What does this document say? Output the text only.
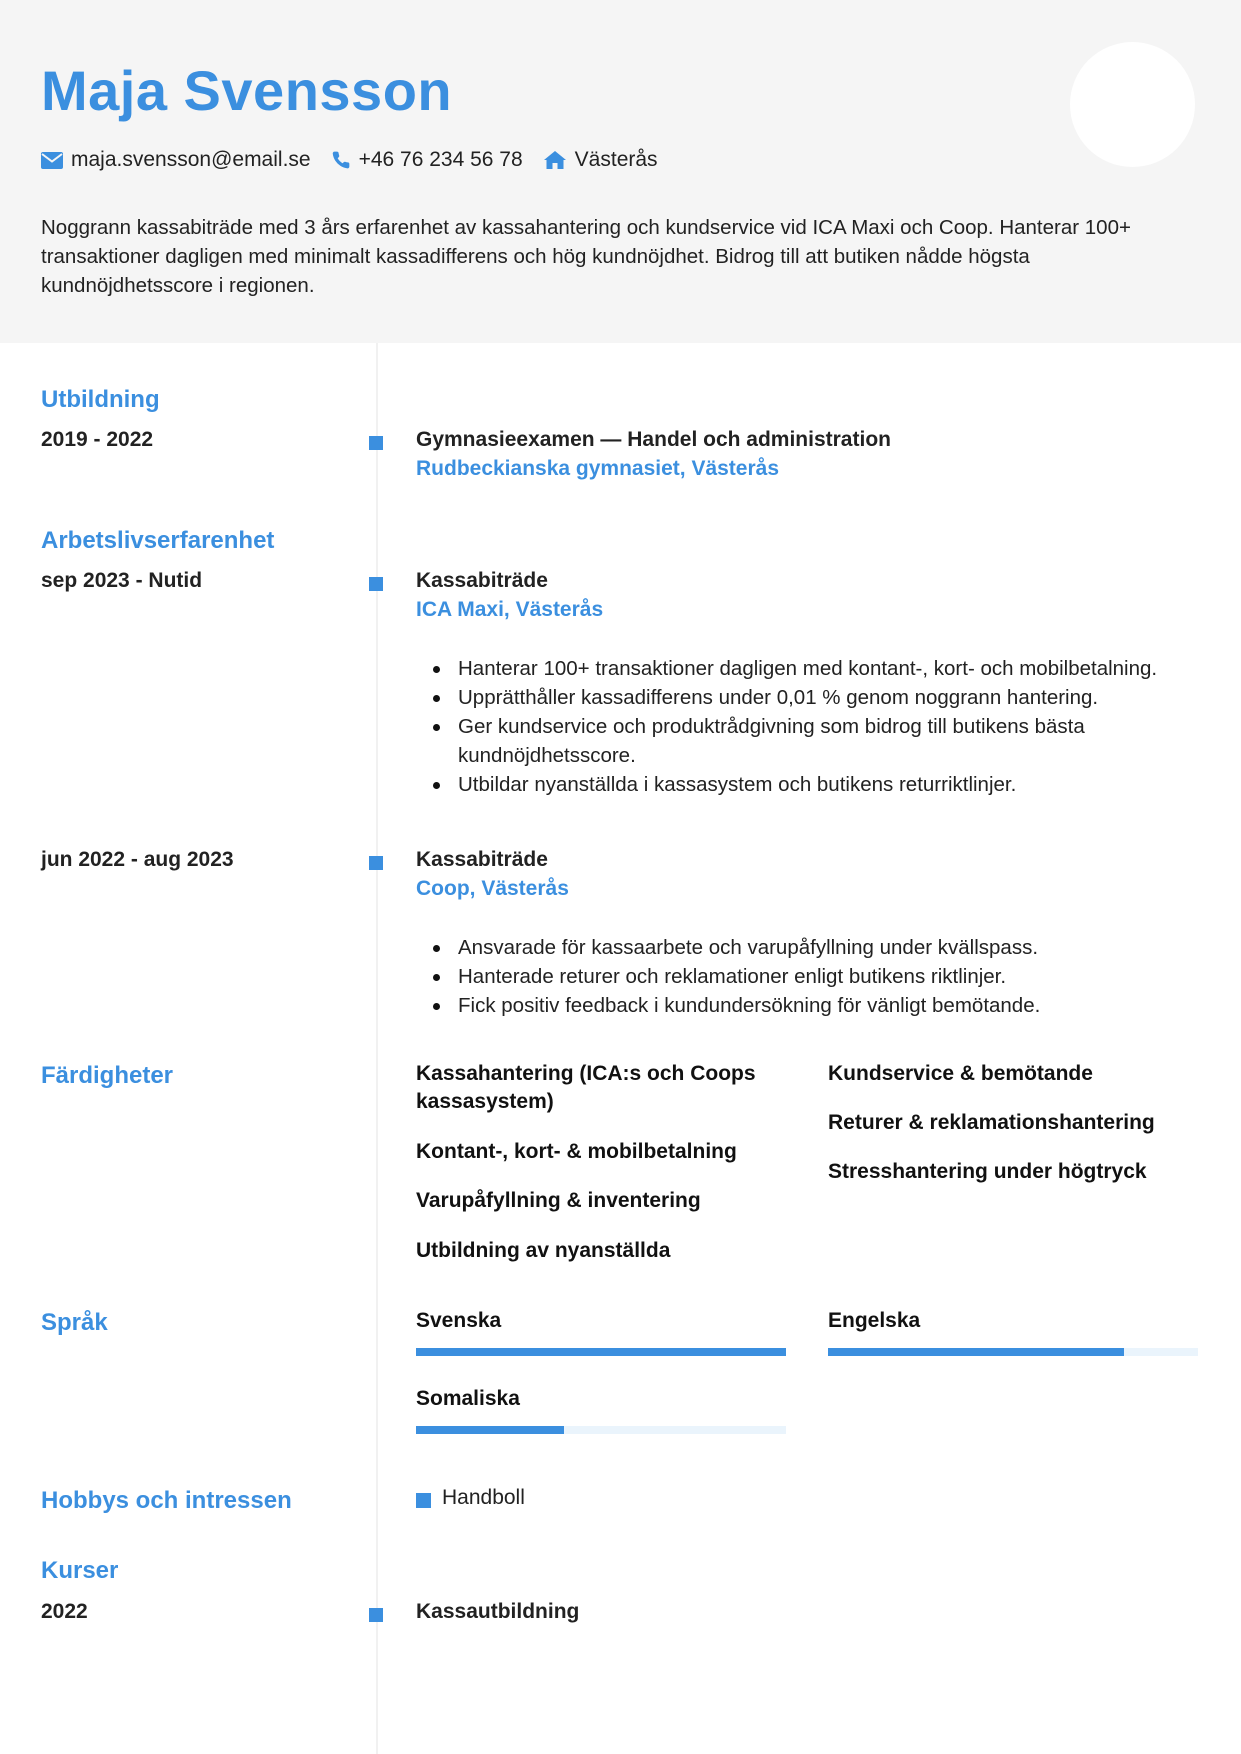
Maja Svensson
maja.svensson@email.se +46 76 234 56 78 Västerås
Noggrann kassabiträde med 3 års erfarenhet av kassahantering och kundservice vid ICA Maxi och Coop. Hanterar 100+ transaktioner dagligen med minimalt kassadifferens och hög kundnöjdhet. Bidrog till att butiken nådde högsta kundnöjdhetsscore i regionen.
Utbildning
2019 - 2022	Gymnasieexamen — Handel och administration
Rudbeckianska gymnasiet, Västerås
Arbetslivserfarenhet
sep 2023 - Nutid	Kassabiträde
ICA Maxi, Västerås
Hanterar 100+ transaktioner dagligen med kontant-, kort- och mobilbetalning.
Upprätthåller kassadifferens under 0,01 % genom noggrann hantering.
Ger kundservice och produktrådgivning som bidrog till butikens bästa kundnöjdhetsscore.
Utbildar nyanställda i kassasystem och butikens returriktlinjer.
jun 2022 - aug 2023	Kassabiträde
Coop, Västerås
Ansvarade för kassaarbete och varupåfyllning under kvällspass.
Hanterade returer och reklamationer enligt butikens riktlinjer.
Fick positiv feedback i kundundersökning för vänligt bemötande.
Färdigheter	Kassahantering (ICA:s och Coops kassasystem)
Kontant-, kort- & mobilbetalning
Varupåfyllning & inventering
Utbildning av nyanställda
Kundservice & bemötande
Returer & reklamationshantering
Stresshantering under högtryck
Språk	Svenska	Engelska
Somaliska
Hobbys och intressen	Handboll
Kurser
2022	Kassautbildning
